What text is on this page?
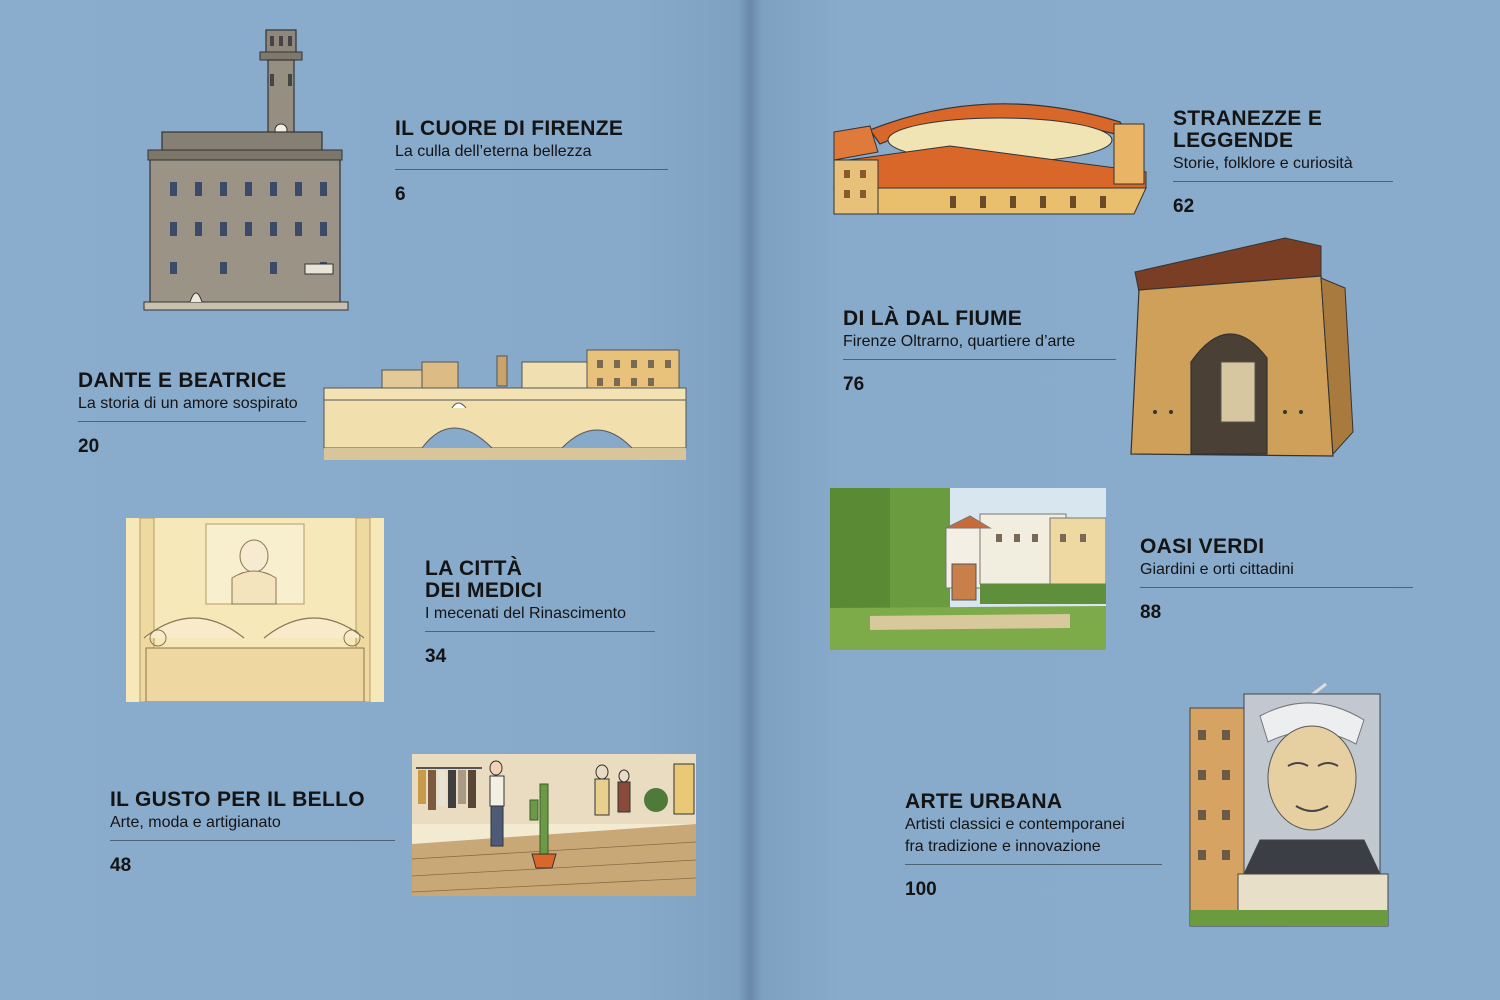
IL CUORE DI FIRENZE
La culla dell’eterna bellezza
6
DANTE E BEATRICE
La storia di un amore sospirato
20
LA CITTÀ
DEI MEDICI
I mecenati del Rinascimento
34
IL GUSTO PER IL BELLO
Arte, moda e artigianato
48
STRANEZZE E
LEGGENDE
Storie, folklore e curiosità
62
DI LÀ DAL FIUME
Firenze Oltrarno, quartiere d’arte
76
OASI VERDI
Giardini e orti cittadini
88
ARTE URBANA
Artisti classici e contemporanei
fra tradizione e innovazione
100
